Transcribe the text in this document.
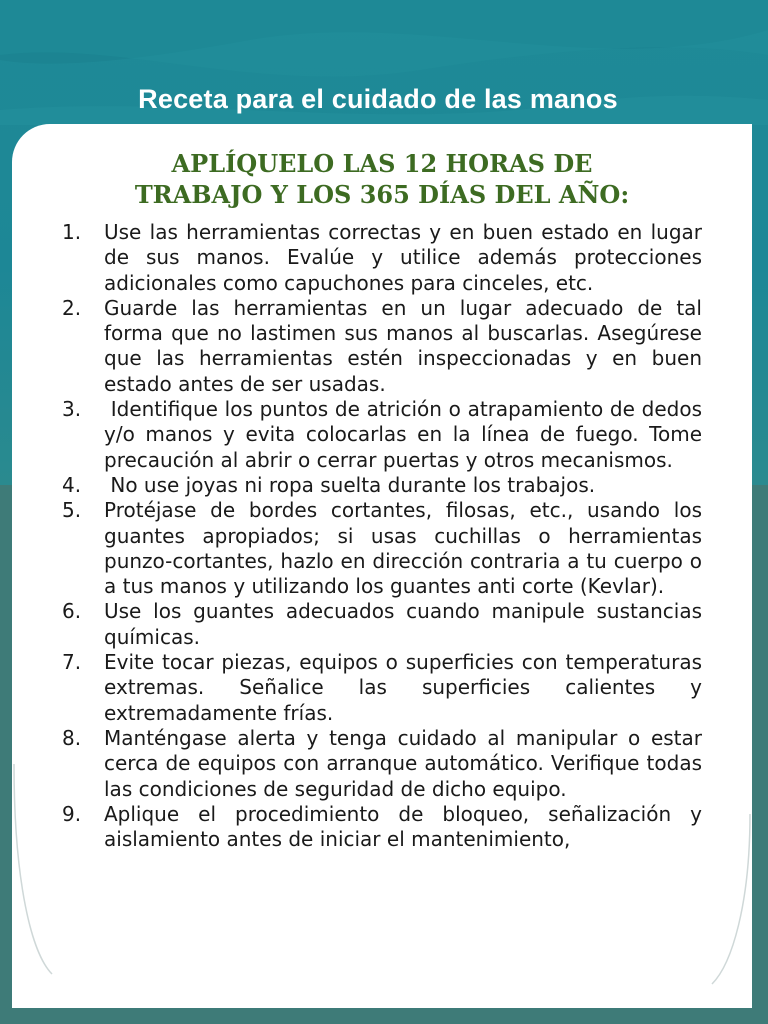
Receta para el cuidado de las manos
APLÍQUELO LAS 12 HORAS DE
TRABAJO Y LOS 365 DÍAS DEL AÑO:
1. Use las herramientas correctas y en buen estado en lugar de sus manos. Evalúe y utilice además protecciones adicionales como capuchones para cinceles, etc.
2. Guarde las herramientas en un lugar adecuado de tal forma que no lastimen sus manos al buscarlas. Asegúrese que las herramientas estén inspeccionadas y en buen estado antes de ser usadas.
3. Identifique los puntos de atrición o atrapamiento de dedos y/o manos y evita colocarlas en la línea de fuego. Tome precaución al abrir o cerrar puertas y otros mecanismos.
4. No use joyas ni ropa suelta durante los trabajos.
5. Protéjase de bordes cortantes, filosas, etc., usando los guantes apropiados; si usas cuchillas o herramientas punzo-cortantes, hazlo en dirección contraria a tu cuerpo o a tus manos y utilizando los guantes anti corte (Kevlar).
6. Use los guantes adecuados cuando manipule sustancias químicas.
7. Evite tocar piezas, equipos o superficies con temperaturas extremas. Señalice las superficies calientes y extremadamente frías.
8. Manténgase alerta y tenga cuidado al manipular o estar cerca de equipos con arranque automático. Verifique todas las condiciones de seguridad de dicho equipo.
9. Aplique el procedimiento de bloqueo, señalización y aislamiento antes de iniciar el mantenimiento,
